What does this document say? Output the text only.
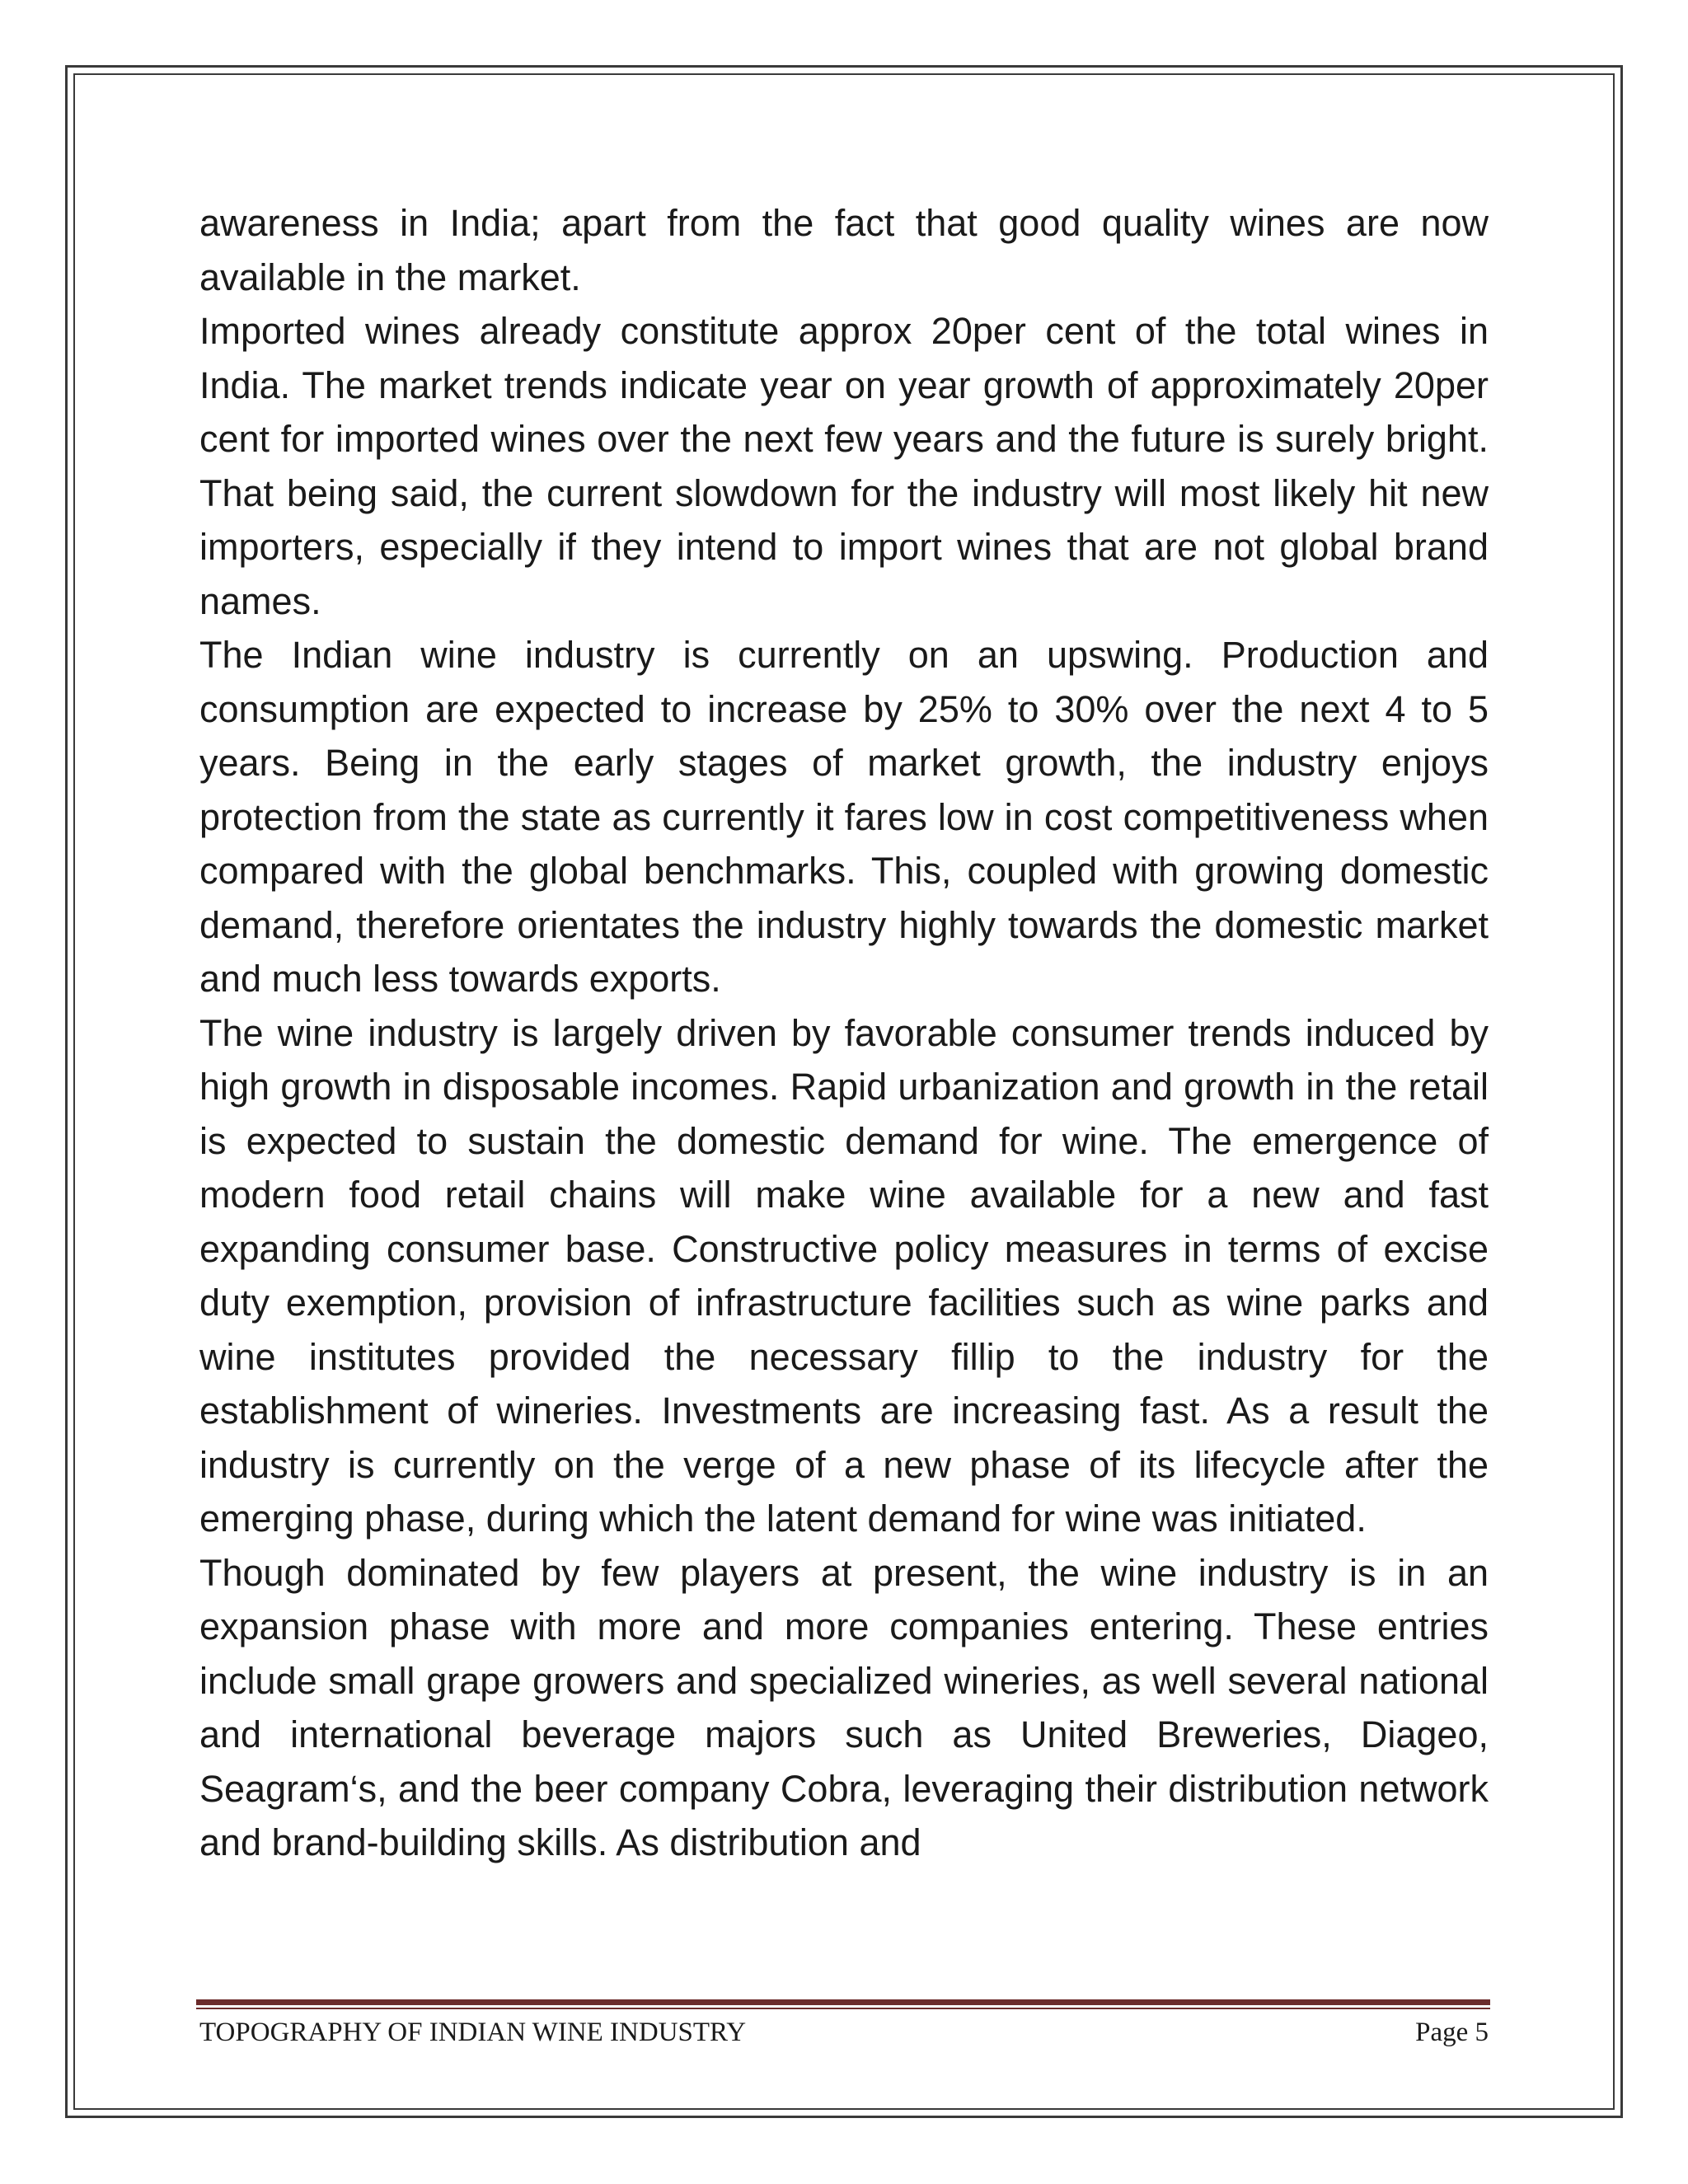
awareness in India; apart from the fact that good quality wines are now available in the market.

Imported wines already constitute approx 20per cent of the total wines in India. The market trends indicate year on year growth of approximately 20per cent for imported wines over the next few years and the future is surely bright. That being said, the current slowdown for the industry will most likely hit new importers, especially if they intend to import wines that are not global brand names.

The Indian wine industry is currently on an upswing. Production and consumption are expected to increase by 25% to 30% over the next 4 to 5 years. Being in the early stages of market growth, the industry enjoys protection from the state as currently it fares low in cost competitiveness when compared with the global benchmarks. This, coupled with growing domestic demand, therefore orientates the industry highly towards the domestic market and much less towards exports.

The wine industry is largely driven by favorable consumer trends induced by high growth in disposable incomes. Rapid urbanization and growth in the retail is expected to sustain the domestic demand for wine. The emergence of modern food retail chains will make wine available for a new and fast expanding consumer base. Constructive policy measures in terms of excise duty exemption, provision of infrastructure facilities such as wine parks and wine institutes provided the necessary fillip to the industry for the establishment of wineries. Investments are increasing fast. As a result the industry is currently on the verge of a new phase of its lifecycle after the emerging phase, during which the latent demand for wine was initiated.

Though dominated by few players at present, the wine industry is in an expansion phase with more and more companies entering. These entries include small grape growers and specialized wineries, as well several national and international beverage majors such as United Breweries, Diageo, Seagram‘s, and the beer company Cobra, leveraging their distribution network and brand-building skills. As distribution and

TOPOGRAPHY OF INDIAN WINE INDUSTRY	Page 5
